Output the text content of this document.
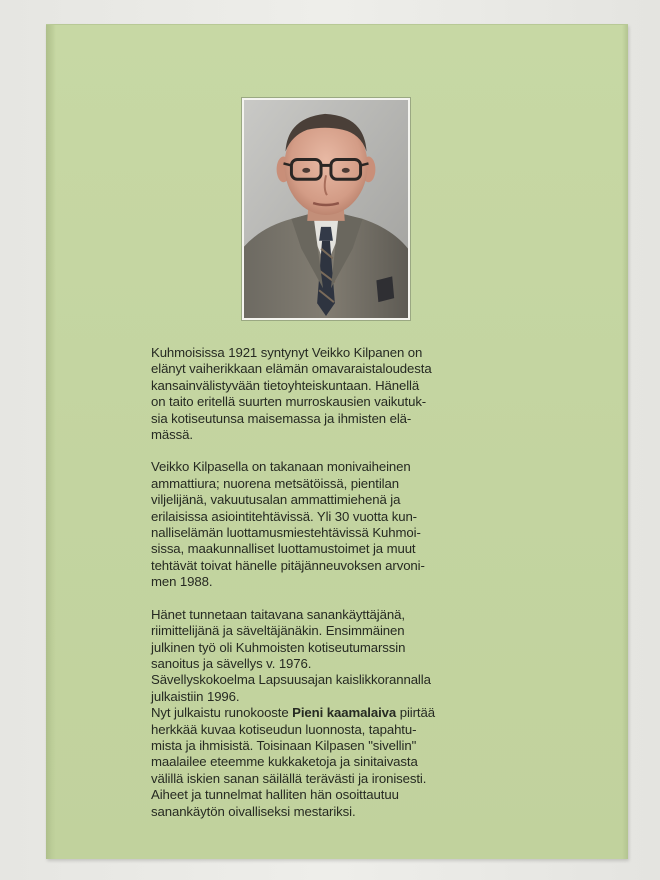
Kuhmoisissa 1921 syntynyt Veikko Kilpanen on
elänyt vaiherikkaan elämän omavaraistaloudesta
kansainvälistyvään tietoyhteiskuntaan. Hänellä
on taito eritellä suurten murroskausien vaikutuk-
sia kotiseutunsa maisemassa ja ihmisten elä-
mässä.

Veikko Kilpasella on takanaan monivaiheinen
ammattiura; nuorena metsätöissä, pientilan
viljelijänä, vakuutusalan ammattimiehenä ja
erilaisissa asiointitehtävissä. Yli 30 vuotta kun-
nalliselämän luottamusmiestehtävissä Kuhmoi-
sissa, maakunnalliset luottamustoimet ja muut
tehtävät toivat hänelle pitäjänneuvoksen arvoni-
men 1988.

Hänet tunnetaan taitavana sanankäyttäjänä,
riimittelijänä ja säveltäjänäkin. Ensimmäinen
julkinen työ oli Kuhmoisten kotiseutumarssin
sanoitus ja sävellys v. 1976.
Sävellyskokoelma Lapsuusajan kaislikkorannalla
julkaistiin 1996.

Nyt julkaistu runokooste Pieni kaamalaiva piirtää
herkkää kuvaa kotiseudun luonnosta, tapahtu-
mista ja ihmisistä. Toisinaan Kilpasen "sivellin"
maalailee eteemme kukkaketoja ja sinitaivasta
välillä iskien sanan säilällä terävästi ja ironisesti.
Aiheet ja tunnelmat halliten hän osoittautuu
sanankäytön oivalliseksi mestariksi.
